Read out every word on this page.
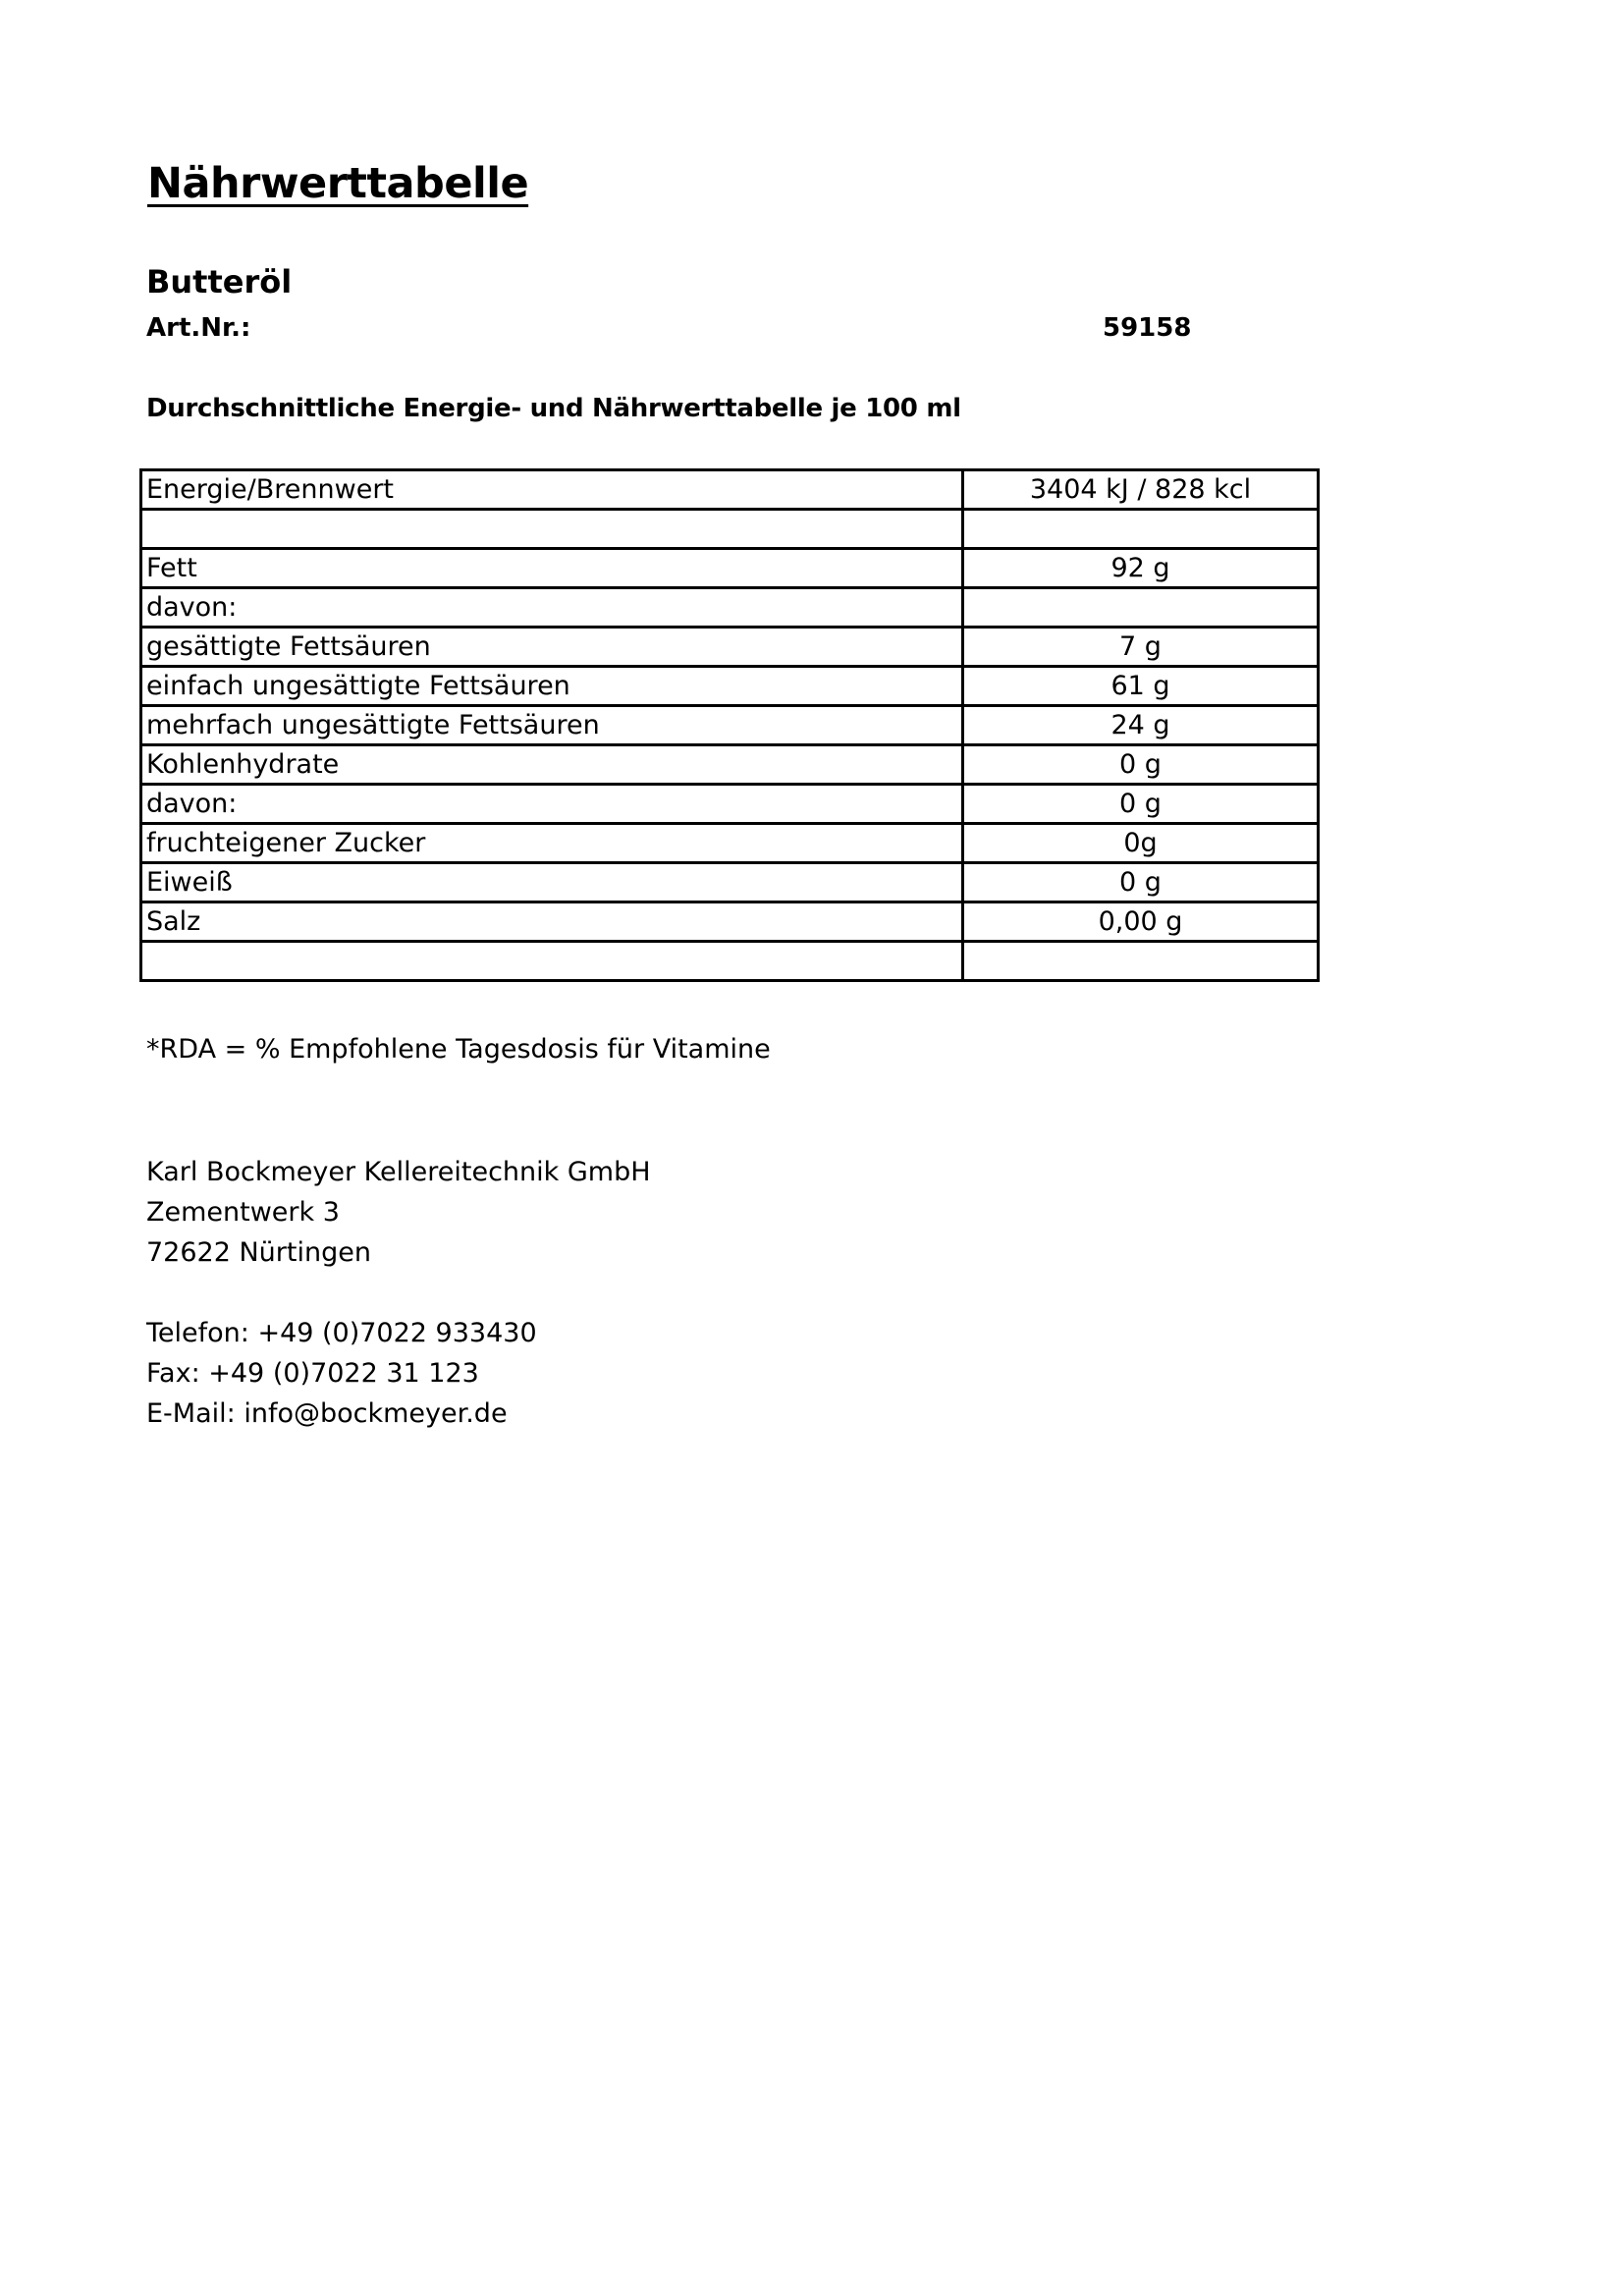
Nährwerttabelle
Butteröl
Art.Nr.:	59158
Durchschnittliche Energie- und Nährwerttabelle je 100 ml
Energie/Brennwert	3404 kJ / 828 kcl

Fett	92 g
davon:	
gesättigte Fettsäuren	7 g
einfach ungesättigte Fettsäuren	61 g
mehrfach ungesättigte Fettsäuren	24 g
Kohlenhydrate	0 g
davon:	0 g
fruchteigener Zucker	0g
Eiweiß	0 g
Salz	0,00 g

*RDA = % Empfohlene Tagesdosis für Vitamine
Karl Bockmeyer Kellereitechnik GmbH
Zementwerk 3
72622 Nürtingen
Telefon: +49 (0)7022 933430
Fax: +49 (0)7022 31 123
E-Mail: info@bockmeyer.de
